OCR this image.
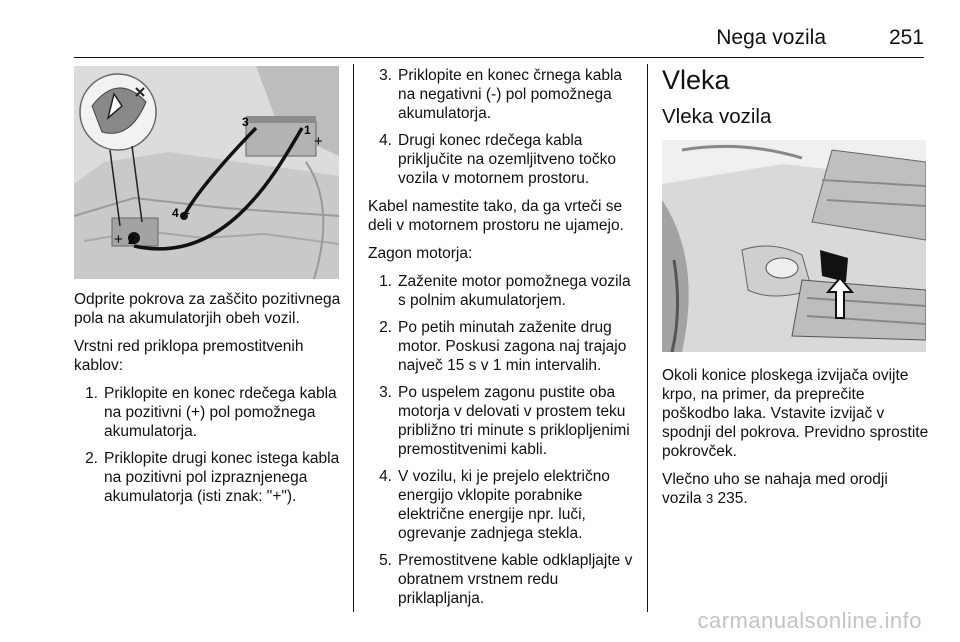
Nega vozila	251
3
1
+
4 −
+ 2

Odprite pokrova za zaščito pozitivnega pola na akumulatorjih obeh vozil.

Vrstni red priklopa premostitvenih kablov:

1. Priklopite en konec rdečega kabla na pozitivni (+) pol pomožnega akumulatorja.
2. Priklopite drugi konec istega kabla na pozitivni pol izpraznjenega akumulatorja (isti znak: "+").
3. Priklopite en konec črnega kabla na negativni (-) pol pomožnega akumulatorja.
4. Drugi konec rdečega kabla priključite na ozemljitveno točko vozila v motornem prostoru.

Kabel namestite tako, da ga vrteči se deli v motornem prostoru ne ujamejo.

Zagon motorja:

1. Zaženite motor pomožnega vozila s polnim akumulatorjem.
2. Po petih minutah zaženite drug motor. Poskusi zagona naj trajajo največ 15 s v 1 min intervalih.
3. Po uspelem zagonu pustite oba motorja v delovati v prostem teku približno tri minute s priklopljenimi premostitvenimi kabli.
4. V vozilu, ki je prejelo električno energijo vklopite porabnike električne energije npr. luči, ogrevanje zadnjega stekla.
5. Premostitvene kable odklapljajte v obratnem vrstnem redu priklapljanja.
Vleka
Vleka vozila

Okoli konice ploskega izvijača ovijte krpo, na primer, da preprečite poškodbo laka. Vstavite izvijač v spodnji del pokrova. Previdno sprostite pokrovček.

Vlečno uho se nahaja med orodji vozila 3 235.

carmanualsonline.info
